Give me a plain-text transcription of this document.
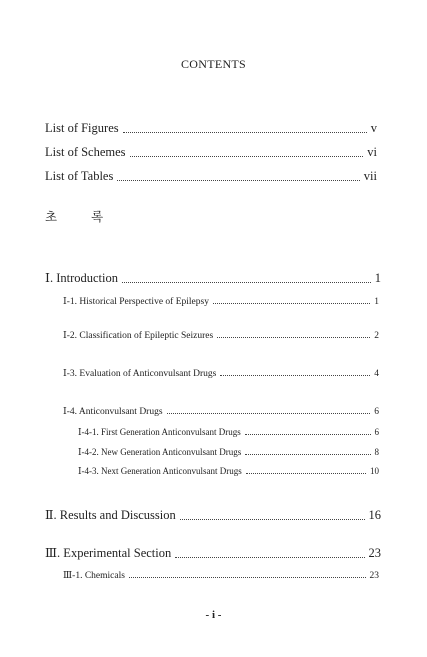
CONTENTS
List of Figures	v
List of Schemes	vi
List of Tables	vii
초	록
Ⅰ. Introduction	1
Ⅰ-1. Historical Perspective of Epilepsy	1
Ⅰ-2. Classification of Epileptic Seizures	2
Ⅰ-3. Evaluation of Anticonvulsant Drugs	4
Ⅰ-4. Anticonvulsant Drugs	6
Ⅰ-4-1. First Generation Anticonvulsant Drugs	6
Ⅰ-4-2. New Generation Anticonvulsant Drugs	8
Ⅰ-4-3. Next Generation Anticonvulsant Drugs	10
Ⅱ. Results and Discussion	16
Ⅲ. Experimental Section	23
Ⅲ-1. Chemicals	23
- i -
